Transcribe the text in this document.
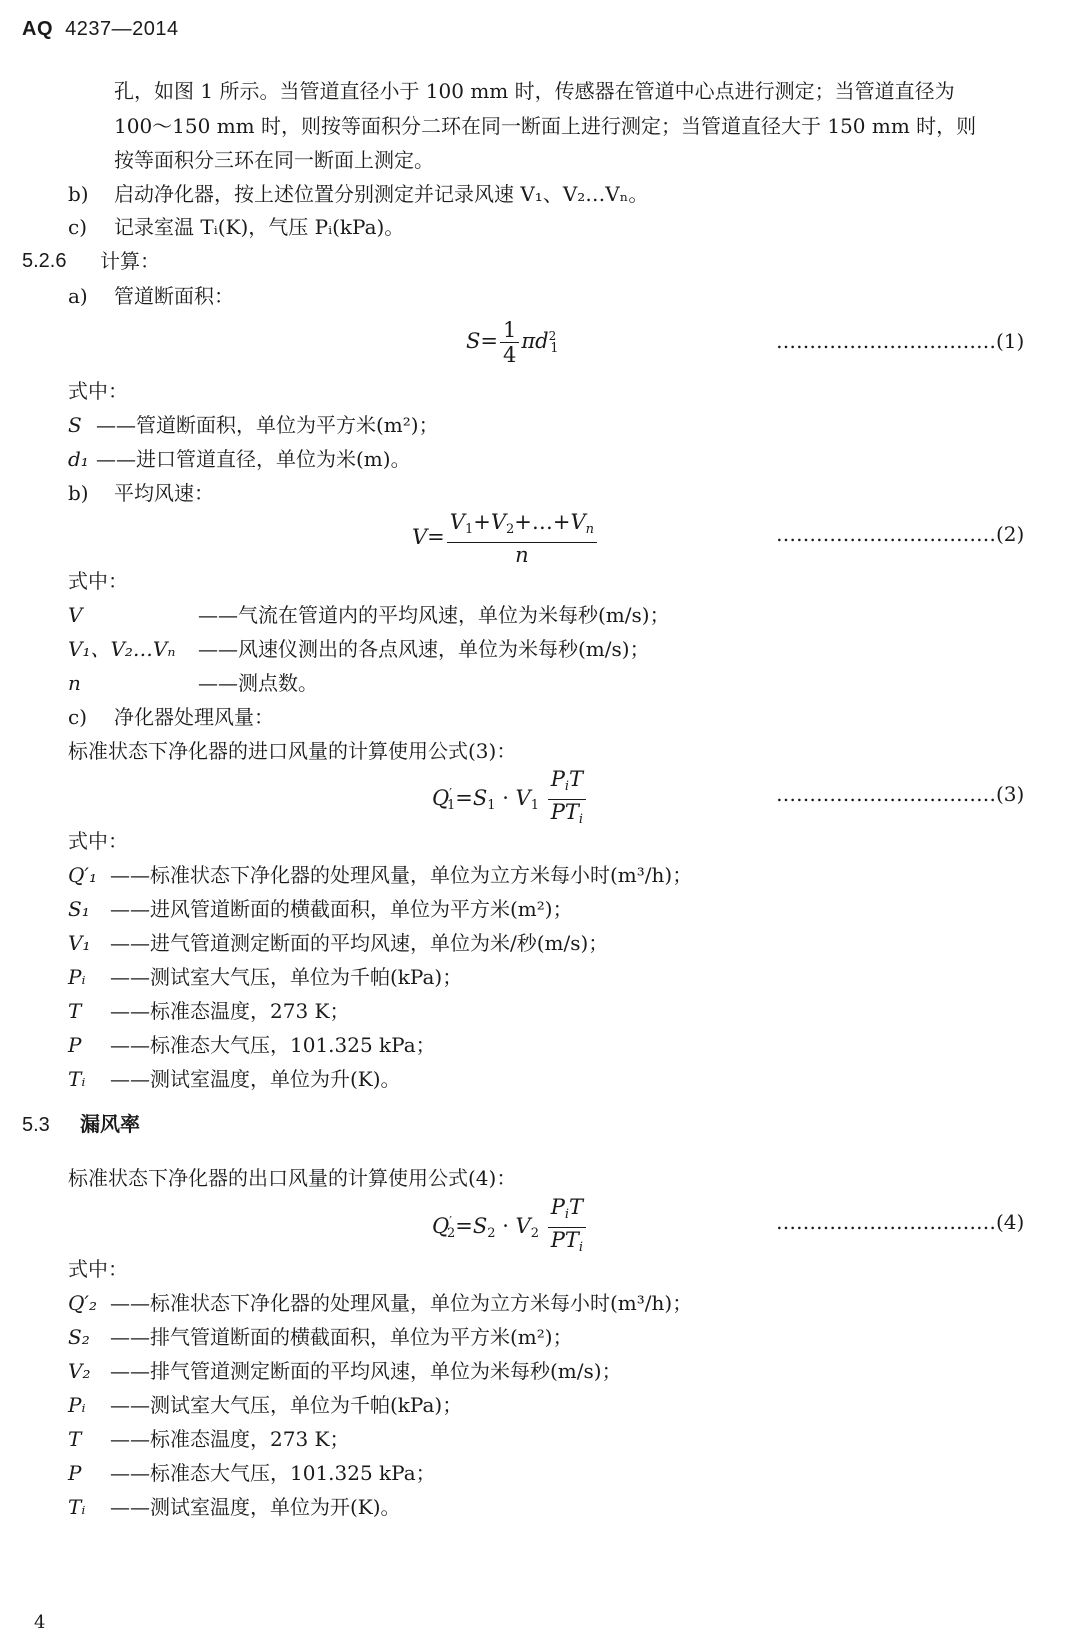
AQ 4237—2014
孔，如图 1 所示。当管道直径小于 100 mm 时，传感器在管道中心点进行测定；当管道直径为
100～150 mm 时，则按等面积分二环在同一断面上进行测定；当管道直径大于 150 mm 时，则
按等面积分三环在同一断面上测定。
b) 启动净化器，按上述位置分别测定并记录风速 V₁、V₂…Vₙ。
c) 记录室温 Tᵢ(K)，气压 Pᵢ(kPa)。
5.2.6 计算：
a) 管道断面积：
$S= \frac{1}{4} \pi d^21$	……………………………(1)
式中：
S ——管道断面积，单位为平方米(m²)；
d₁ ——进口管道直径，单位为米(m)。
b) 平均风速：
$V= \frac{V1+V2+\dots+V_n}{n}$	……………………………(2)
式中：
V	——气流在管道内的平均风速，单位为米每秒(m/s)；
V₁、V₂…Vₙ ——风速仪测出的各点风速，单位为米每秒(m/s)；
n	——测点数。
c) 净化器处理风量：
标准状态下净化器的进口风量的计算使用公式(3)：
$Q'1=S1 \cdot V1 \frac{P_iT}{PT_i}$	……………………………(3)
式中：
Q′₁ ——标准状态下净化器的处理风量，单位为立方米每小时(m³/h)；
S₁ ——进风管道断面的横截面积，单位为平方米(m²)；
V₁ ——进气管道测定断面的平均风速，单位为米/秒(m/s)；
Pᵢ ——测试室大气压，单位为千帕(kPa)；
T ——标准态温度，273 K；
P ——标准态大气压，101.325 kPa；
Tᵢ ——测试室温度，单位为升(K)。
5.3 漏风率
标准状态下净化器的出口风量的计算使用公式(4)：
$Q'2=S2 \cdot V2 \frac{P_iT}{PT_i}$	……………………………(4)
式中：
Q′₂ ——标准状态下净化器的处理风量，单位为立方米每小时(m³/h)；
S₂ ——排气管道断面的横截面积，单位为平方米(m²)；
V₂ ——排气管道测定断面的平均风速，单位为米每秒(m/s)；
Pᵢ ——测试室大气压，单位为千帕(kPa)；
T ——标准态温度，273 K；
P ——标准态大气压，101.325 kPa；
Tᵢ ——测试室温度，单位为开(K)。
4
